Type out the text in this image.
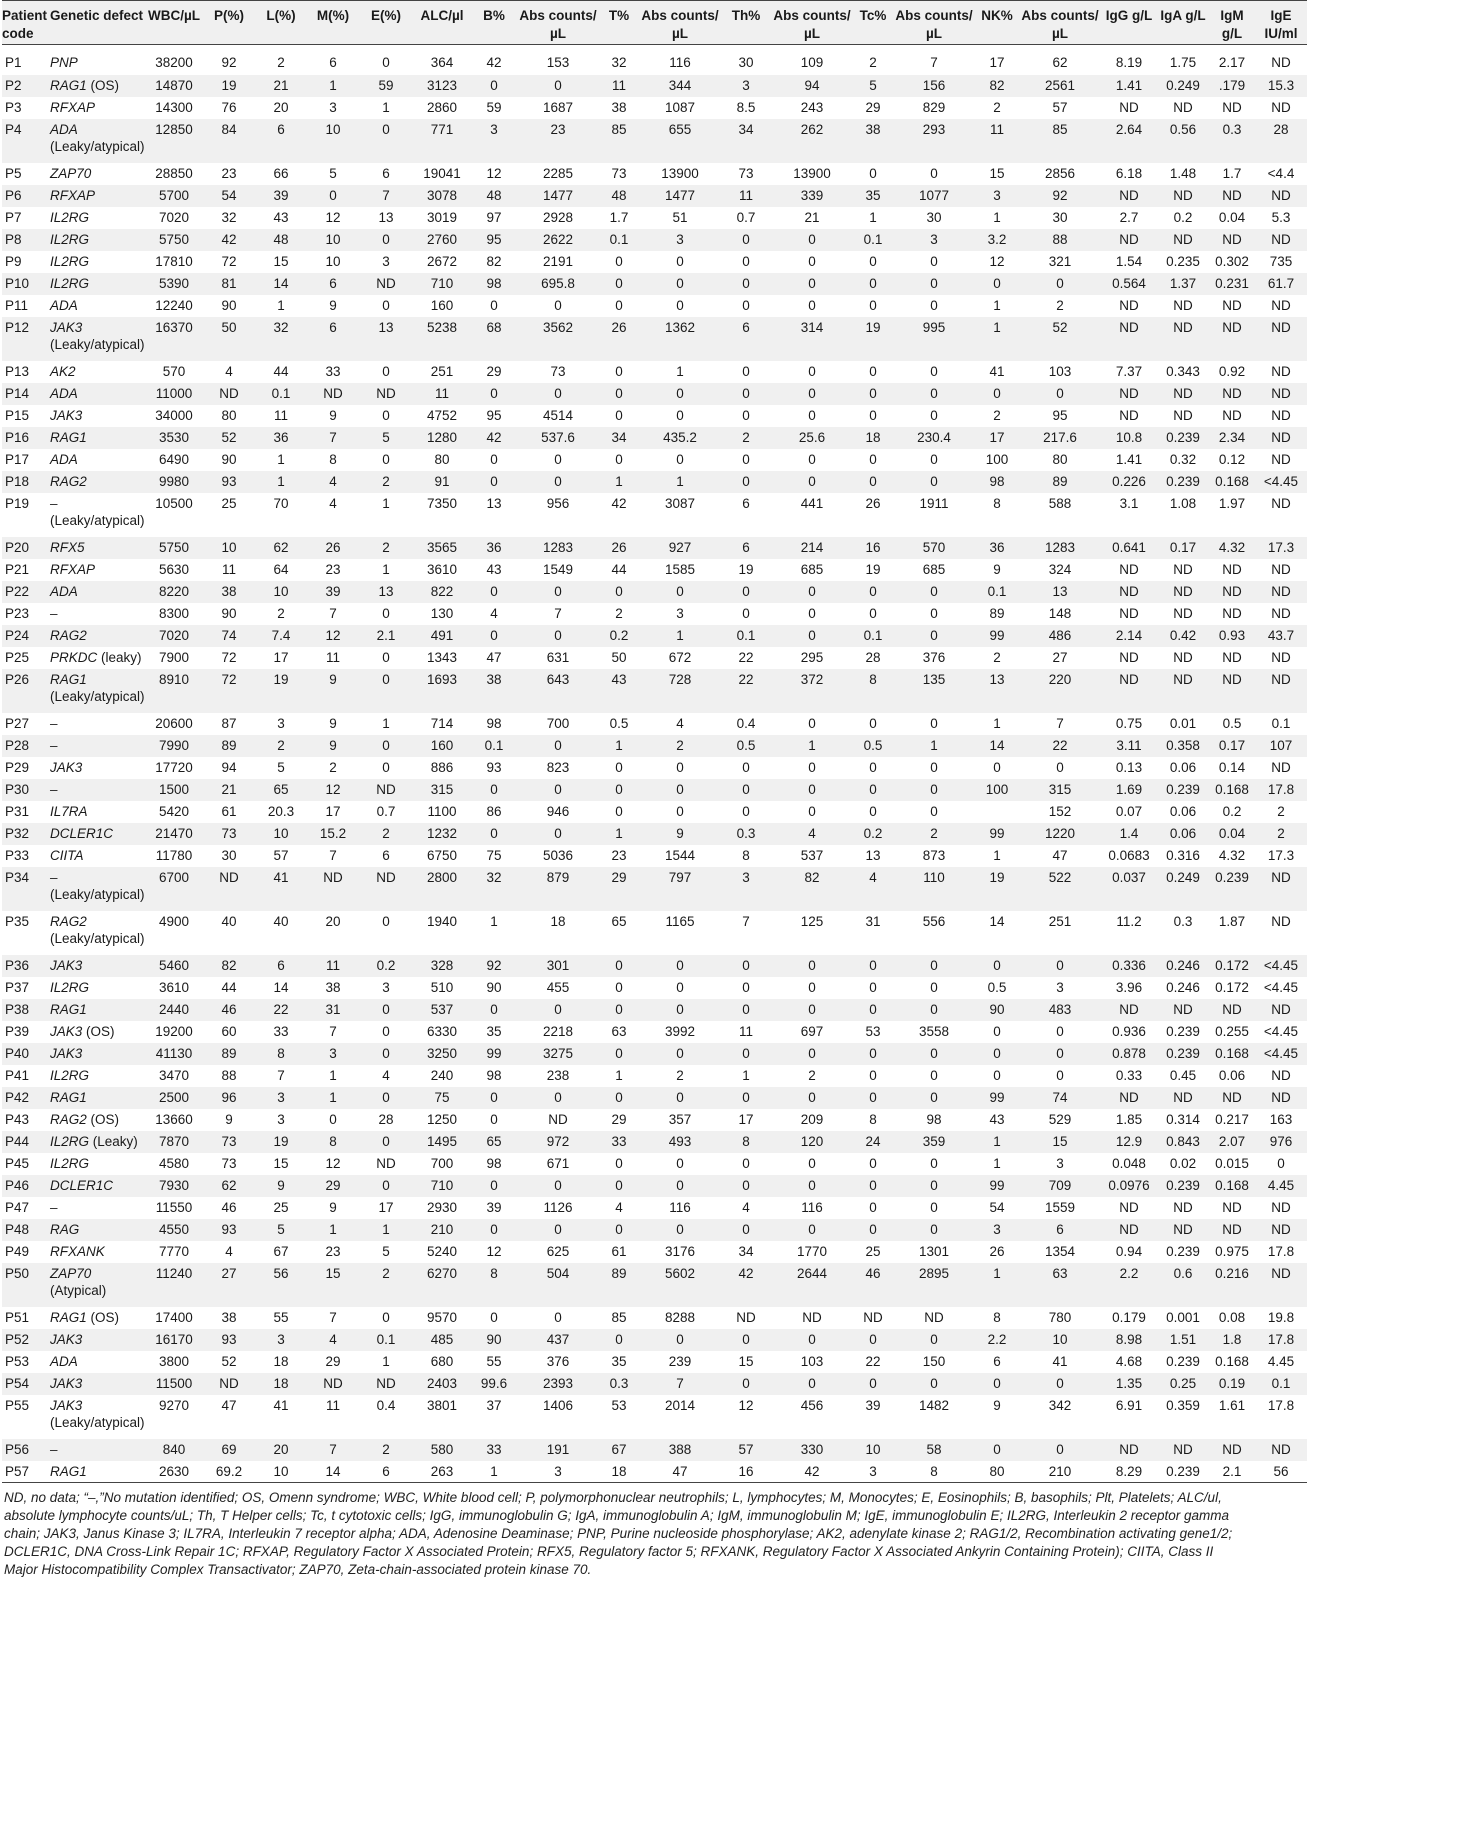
Patient code	Genetic defect	WBC/µL	P(%)	L(%)	M(%)	E(%)	ALC/µl	B%	Abs counts/µL	T%	Abs counts/µL	Th%	Abs counts/µL	Tc%	Abs counts/µL	NK%	Abs counts/µL	IgG g/L	IgA g/L	IgM g/L	IgE IU/ml
P1	PNP	38200	92	2	6	0	364	42	153	32	116	30	109	2	7	17	62	8.19	1.75	2.17	ND
P2	RAG1 (OS)	14870	19	21	1	59	3123	0	0	11	344	3	94	5	156	82	2561	1.41	0.249	.179	15.3
P3	RFXAP	14300	76	20	3	1	2860	59	1687	38	1087	8.5	243	29	829	2	57	ND	ND	ND	ND
P4	ADA
(Leaky/atypical)	12850	84	6	10	0	771	3	23	85	655	34	262	38	293	11	85	2.64	0.56	0.3	28
P5	ZAP70	28850	23	66	5	6	19041	12	2285	73	13900	73	13900	0	0	15	2856	6.18	1.48	1.7	<4.4
P6	RFXAP	5700	54	39	0	7	3078	48	1477	48	1477	11	339	35	1077	3	92	ND	ND	ND	ND
P7	IL2RG	7020	32	43	12	13	3019	97	2928	1.7	51	0.7	21	1	30	1	30	2.7	0.2	0.04	5.3
P8	IL2RG	5750	42	48	10	0	2760	95	2622	0.1	3	0	0	0.1	3	3.2	88	ND	ND	ND	ND
P9	IL2RG	17810	72	15	10	3	2672	82	2191	0	0	0	0	0	0	12	321	1.54	0.235	0.302	735
P10	IL2RG	5390	81	14	6	ND	710	98	695.8	0	0	0	0	0	0	0	0	0.564	1.37	0.231	61.7
P11	ADA	12240	90	1	9	0	160	0	0	0	0	0	0	0	0	1	2	ND	ND	ND	ND
P12	JAK3
(Leaky/atypical)	16370	50	32	6	13	5238	68	3562	26	1362	6	314	19	995	1	52	ND	ND	ND	ND
P13	AK2	570	4	44	33	0	251	29	73	0	1	0	0	0	0	41	103	7.37	0.343	0.92	ND
P14	ADA	11000	ND	0.1	ND	ND	11	0	0	0	0	0	0	0	0	0	0	ND	ND	ND	ND
P15	JAK3	34000	80	11	9	0	4752	95	4514	0	0	0	0	0	0	2	95	ND	ND	ND	ND
P16	RAG1	3530	52	36	7	5	1280	42	537.6	34	435.2	2	25.6	18	230.4	17	217.6	10.8	0.239	2.34	ND
P17	ADA	6490	90	1	8	0	80	0	0	0	0	0	0	0	0	100	80	1.41	0.32	0.12	ND
P18	RAG2	9980	93	1	4	2	91	0	0	1	1	0	0	0	0	98	89	0.226	0.239	0.168	<4.45
P19	–
(Leaky/atypical)	10500	25	70	4	1	7350	13	956	42	3087	6	441	26	1911	8	588	3.1	1.08	1.97	ND
P20	RFX5	5750	10	62	26	2	3565	36	1283	26	927	6	214	16	570	36	1283	0.641	0.17	4.32	17.3
P21	RFXAP	5630	11	64	23	1	3610	43	1549	44	1585	19	685	19	685	9	324	ND	ND	ND	ND
P22	ADA	8220	38	10	39	13	822	0	0	0	0	0	0	0	0	0.1	13	ND	ND	ND	ND
P23	–	8300	90	2	7	0	130	4	7	2	3	0	0	0	0	89	148	ND	ND	ND	ND
P24	RAG2	7020	74	7.4	12	2.1	491	0	0	0.2	1	0.1	0	0.1	0	99	486	2.14	0.42	0.93	43.7
P25	PRKDC (leaky)	7900	72	17	11	0	1343	47	631	50	672	22	295	28	376	2	27	ND	ND	ND	ND
P26	RAG1
(Leaky/atypical)	8910	72	19	9	0	1693	38	643	43	728	22	372	8	135	13	220	ND	ND	ND	ND
P27	–	20600	87	3	9	1	714	98	700	0.5	4	0.4	0	0	0	1	7	0.75	0.01	0.5	0.1
P28	–	7990	89	2	9	0	160	0.1	0	1	2	0.5	1	0.5	1	14	22	3.11	0.358	0.17	107
P29	JAK3	17720	94	5	2	0	886	93	823	0	0	0	0	0	0	0	0	0.13	0.06	0.14	ND
P30	–	1500	21	65	12	ND	315	0	0	0	0	0	0	0	0	100	315	1.69	0.239	0.168	17.8
P31	IL7RA	5420	61	20.3	17	0.7	1100	86	946	0	0	0	0	0	0		152	0.07	0.06	0.2	2
P32	DCLER1C	21470	73	10	15.2	2	1232	0	0	1	9	0.3	4	0.2	2	99	1220	1.4	0.06	0.04	2
P33	CIITA	11780	30	57	7	6	6750	75	5036	23	1544	8	537	13	873	1	47	0.0683	0.316	4.32	17.3
P34	–
(Leaky/atypical)	6700	ND	41	ND	ND	2800	32	879	29	797	3	82	4	110	19	522	0.037	0.249	0.239	ND
P35	RAG2
(Leaky/atypical)	4900	40	40	20	0	1940	1	18	65	1165	7	125	31	556	14	251	11.2	0.3	1.87	ND
P36	JAK3	5460	82	6	11	0.2	328	92	301	0	0	0	0	0	0	0	0	0.336	0.246	0.172	<4.45
P37	IL2RG	3610	44	14	38	3	510	90	455	0	0	0	0	0	0	0.5	3	3.96	0.246	0.172	<4.45
P38	RAG1	2440	46	22	31	0	537	0	0	0	0	0	0	0	0	90	483	ND	ND	ND	ND
P39	JAK3 (OS)	19200	60	33	7	0	6330	35	2218	63	3992	11	697	53	3558	0	0	0.936	0.239	0.255	<4.45
P40	JAK3	41130	89	8	3	0	3250	99	3275	0	0	0	0	0	0	0	0	0.878	0.239	0.168	<4.45
P41	IL2RG	3470	88	7	1	4	240	98	238	1	2	1	2	0	0	0	0	0.33	0.45	0.06	ND
P42	RAG1	2500	96	3	1	0	75	0	0	0	0	0	0	0	0	99	74	ND	ND	ND	ND
P43	RAG2 (OS)	13660	9	3	0	28	1250	0	ND	29	357	17	209	8	98	43	529	1.85	0.314	0.217	163
P44	IL2RG (Leaky)	7870	73	19	8	0	1495	65	972	33	493	8	120	24	359	1	15	12.9	0.843	2.07	976
P45	IL2RG	4580	73	15	12	ND	700	98	671	0	0	0	0	0	0	1	3	0.048	0.02	0.015	0
P46	DCLER1C	7930	62	9	29	0	710	0	0	0	0	0	0	0	0	99	709	0.0976	0.239	0.168	4.45
P47	–	11550	46	25	9	17	2930	39	1126	4	116	4	116	0	0	54	1559	ND	ND	ND	ND
P48	RAG	4550	93	5	1	1	210	0	0	0	0	0	0	0	0	3	6	ND	ND	ND	ND
P49	RFXANK	7770	4	67	23	5	5240	12	625	61	3176	34	1770	25	1301	26	1354	0.94	0.239	0.975	17.8
P50	ZAP70
(Atypical)	11240	27	56	15	2	6270	8	504	89	5602	42	2644	46	2895	1	63	2.2	0.6	0.216	ND
P51	RAG1 (OS)	17400	38	55	7	0	9570	0	0	85	8288	ND	ND	ND	ND	8	780	0.179	0.001	0.08	19.8
P52	JAK3	16170	93	3	4	0.1	485	90	437	0	0	0	0	0	0	2.2	10	8.98	1.51	1.8	17.8
P53	ADA	3800	52	18	29	1	680	55	376	35	239	15	103	22	150	6	41	4.68	0.239	0.168	4.45
P54	JAK3	11500	ND	18	ND	ND	2403	99.6	2393	0.3	7	0	0	0	0	0	0	1.35	0.25	0.19	0.1
P55	JAK3
(Leaky/atypical)	9270	47	41	11	0.4	3801	37	1406	53	2014	12	456	39	1482	9	342	6.91	0.359	1.61	17.8
P56	–	840	69	20	7	2	580	33	191	67	388	57	330	10	58	0	0	ND	ND	ND	ND
P57	RAG1	2630	69.2	10	14	6	263	1	3	18	47	16	42	3	8	80	210	8.29	0.239	2.1	56
ND, no data; “–,”No mutation identified; OS, Omenn syndrome; WBC, White blood cell; P, polymorphonuclear neutrophils; L, lymphocytes; M, Monocytes; E, Eosinophils; B, basophils; Plt, Platelets; ALC/ul, absolute lymphocyte counts/uL; Th, T Helper cells; Tc, t cytotoxic cells; IgG, immunoglobulin G; IgA, immunoglobulin A; IgM, immunoglobulin M; IgE, immunoglobulin E; IL2RG, Interleukin 2 receptor gamma chain; JAK3, Janus Kinase 3; IL7RA, Interleukin 7 receptor alpha; ADA, Adenosine Deaminase; PNP, Purine nucleoside phosphorylase; AK2, adenylate kinase 2; RAG1/2, Recombination activating gene1/2; DCLER1C, DNA Cross-Link Repair 1C; RFXAP, Regulatory Factor X Associated Protein; RFX5, Regulatory factor 5; RFXANK, Regulatory Factor X Associated Ankyrin Containing Protein); CIITA, Class II Major Histocompatibility Complex Transactivator; ZAP70, Zeta-chain-associated protein kinase 70.
